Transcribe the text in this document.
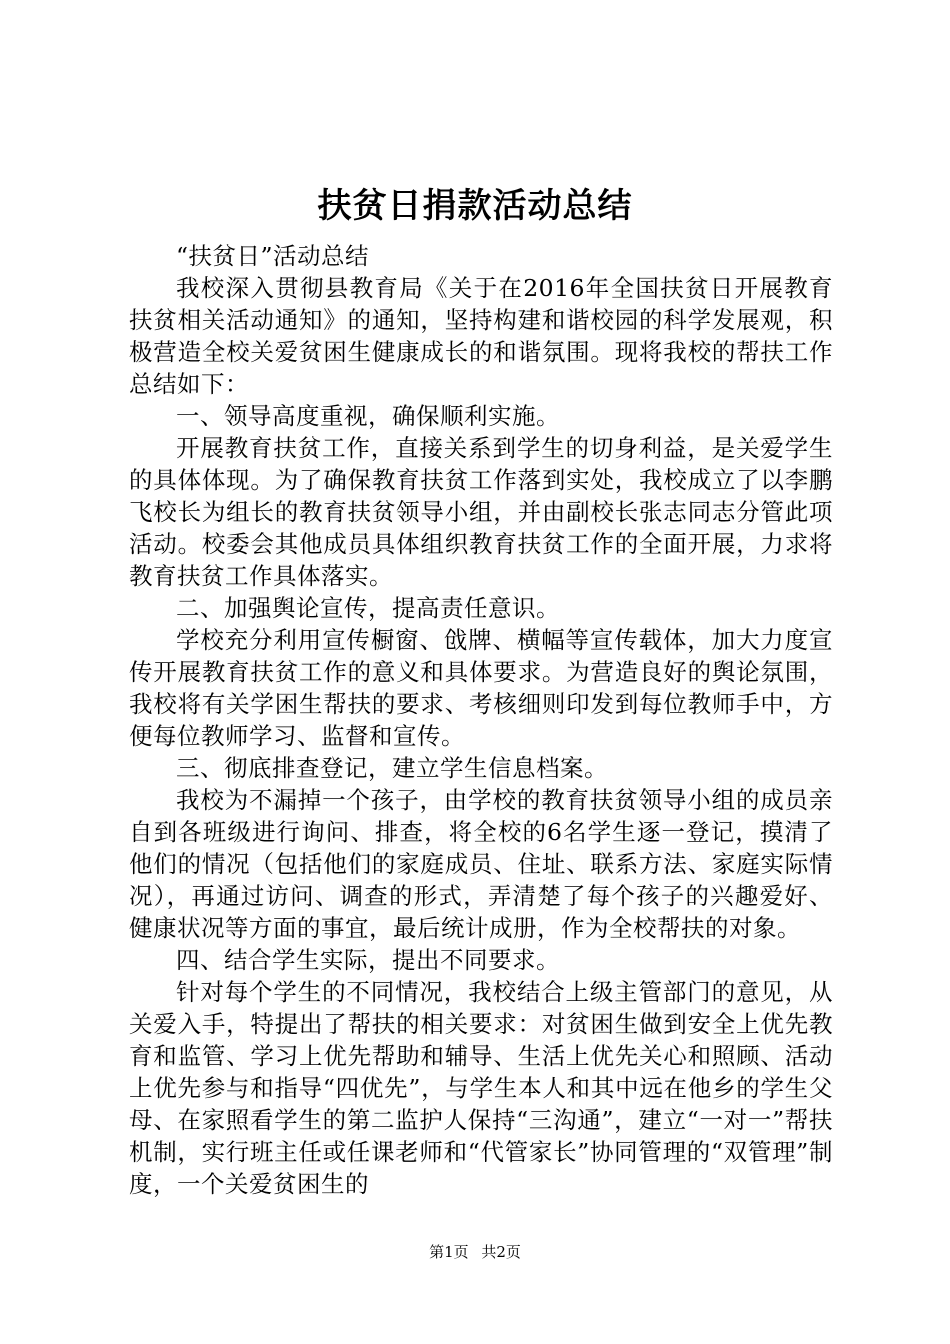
扶贫日捐款活动总结

“扶贫日”活动总结

我校深入贯彻县教育局《关于在2016年全国扶贫日开展教育扶贫相关活动通知》的通知，坚持构建和谐校园的科学发展观，积极营造全校关爱贫困生健康成长的和谐氛围。现将我校的帮扶工作总结如下：

一、领导高度重视，确保顺利实施。

开展教育扶贫工作，直接关系到学生的切身利益，是关爱学生的具体体现。为了确保教育扶贫工作落到实处，我校成立了以李鹏飞校长为组长的教育扶贫领导小组，并由副校长张志同志分管此项活动。校委会其他成员具体组织教育扶贫工作的全面开展，力求将教育扶贫工作具体落实。

二、加强舆论宣传，提高责任意识。

学校充分利用宣传橱窗、戗牌、横幅等宣传载体，加大力度宣传开展教育扶贫工作的意义和具体要求。为营造良好的舆论氛围，我校将有关学困生帮扶的要求、考核细则印发到每位教师手中，方便每位教师学习、监督和宣传。

三、彻底排查登记，建立学生信息档案。

我校为不漏掉一个孩子，由学校的教育扶贫领导小组的成员亲自到各班级进行询问、排查，将全校的6名学生逐一登记，摸清了他们的情况（包括他们的家庭成员、住址、联系方法、家庭实际情况），再通过访问、调查的形式，弄清楚了每个孩子的兴趣爱好、健康状况等方面的事宜，最后统计成册，作为全校帮扶的对象。

四、结合学生实际，提出不同要求。

针对每个学生的不同情况，我校结合上级主管部门的意见，从关爱入手，特提出了帮扶的相关要求：对贫困生做到安全上优先教育和监管、学习上优先帮助和辅导、生活上优先关心和照顾、活动上优先参与和指导“四优先”，与学生本人和其中远在他乡的学生父母、在家照看学生的第二监护人保持“三沟通”，建立“一对一”帮扶机制，实行班主任或任课老师和“代管家长”协同管理的“双管理”制度，一个关爱贫困生的

第1页 共2页
